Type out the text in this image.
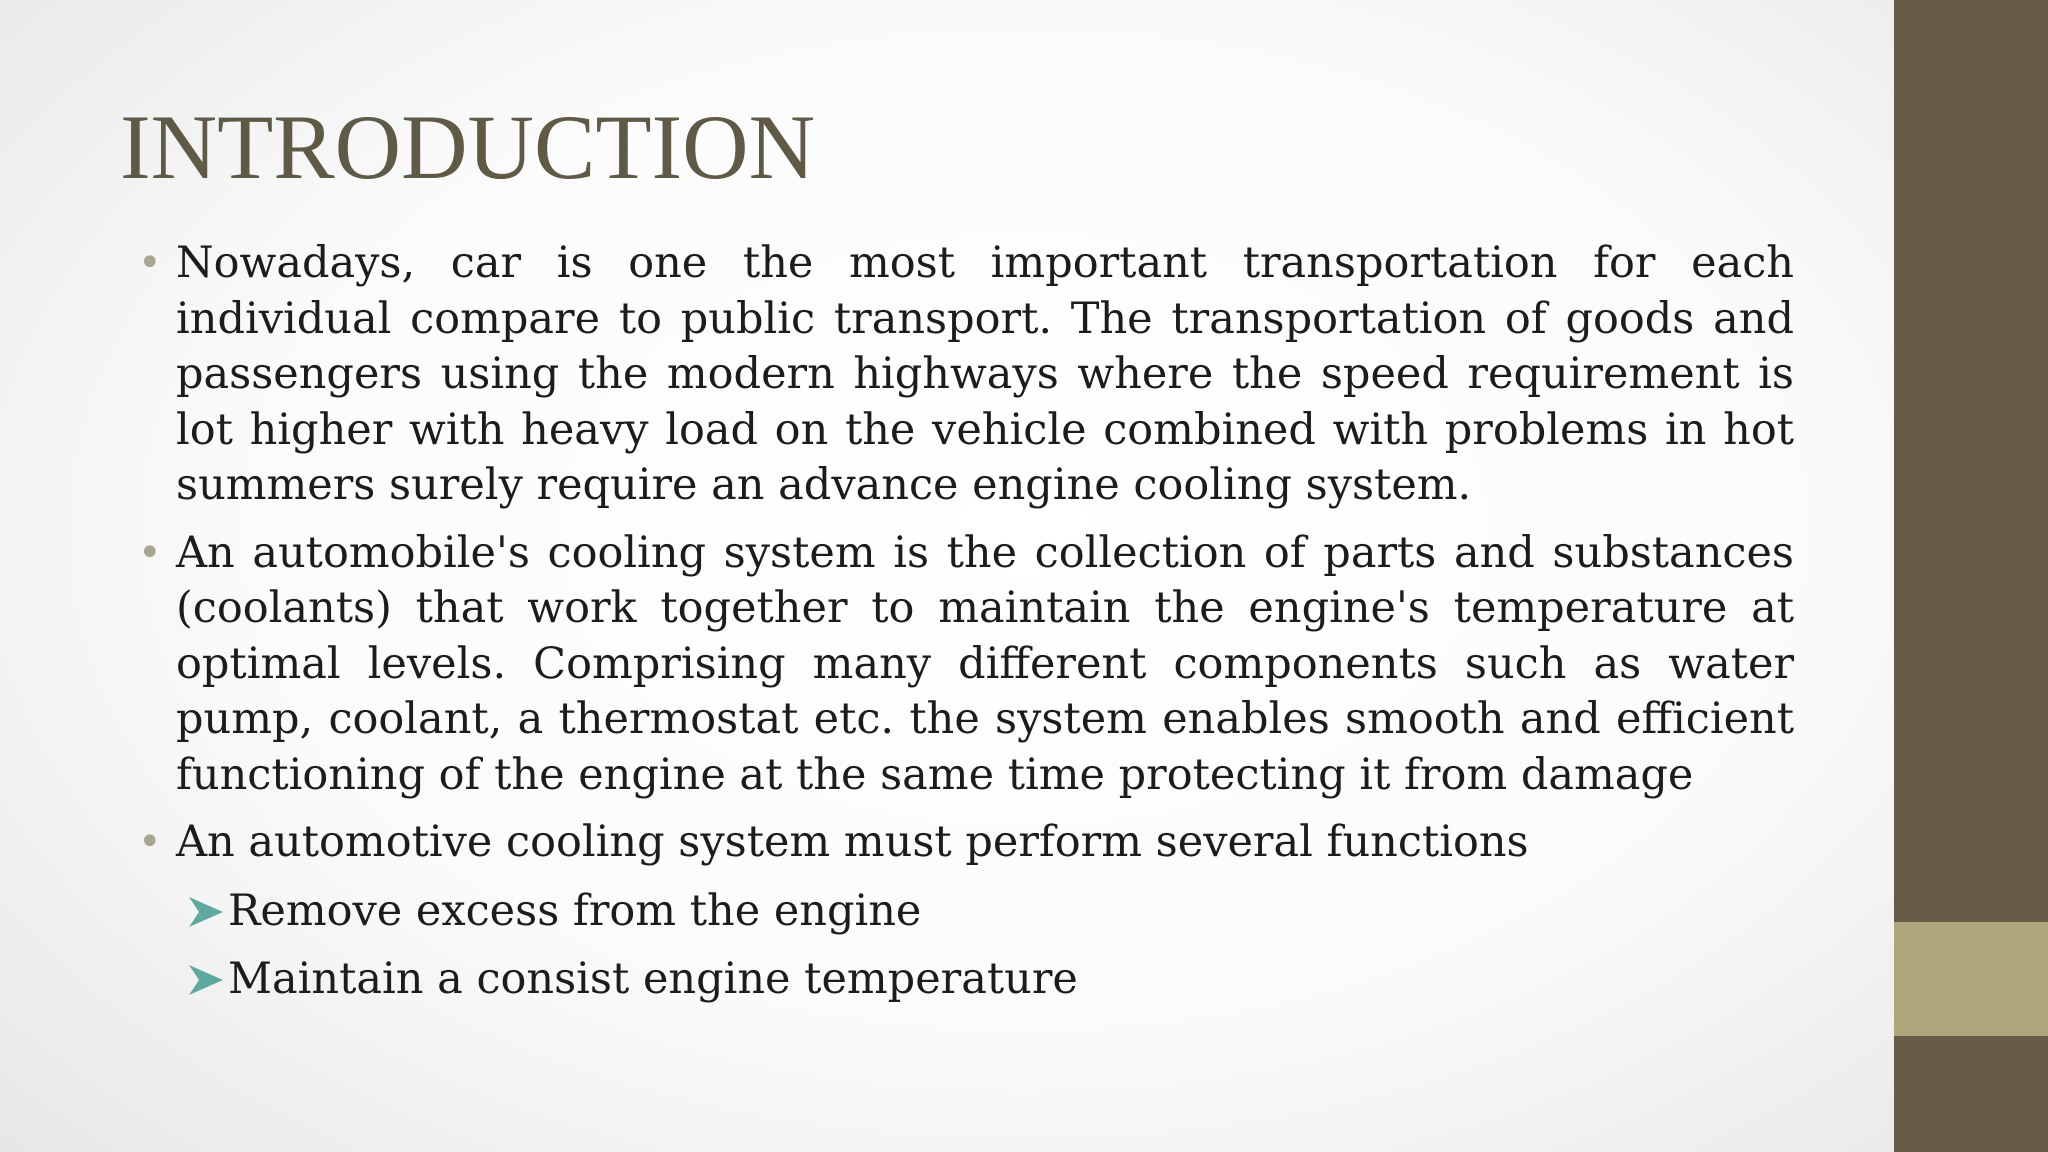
INTRODUCTION

• Nowadays, car is one the most important transportation for each individual compare to public transport. The transportation of goods and passengers using the modern highways where the speed requirement is lot higher with heavy load on the vehicle combined with problems in hot summers surely require an advance engine cooling system.

• An automobile's cooling system is the collection of parts and substances (coolants) that work together to maintain the engine's temperature at optimal levels. Comprising many different components such as water pump, coolant, a thermostat etc. the system enables smooth and efficient functioning of the engine at the same time protecting it from damage

• An automotive cooling system must perform several functions

Remove excess from the engine

Maintain a consist engine temperature
